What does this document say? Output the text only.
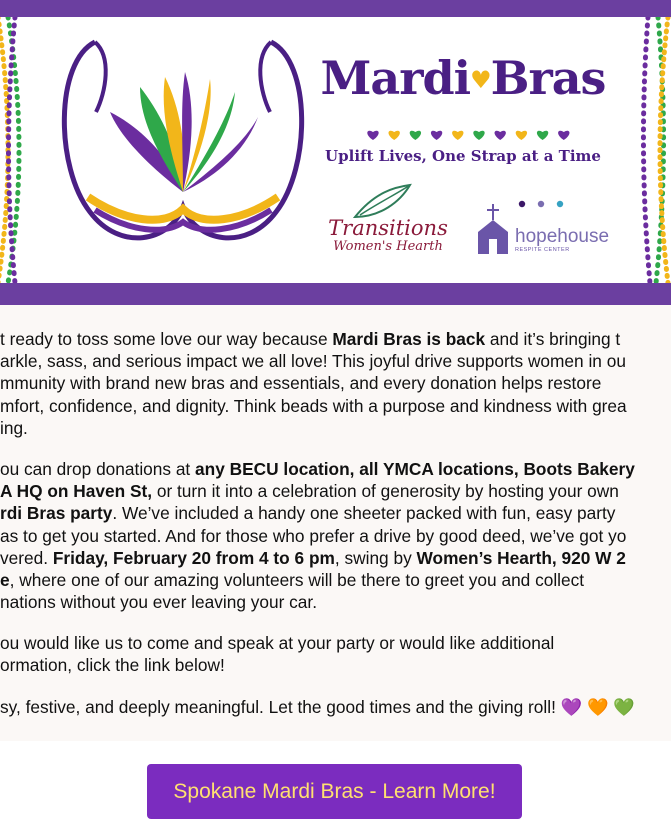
Mardi♥Bras
Uplift Lives, One Strap at a Time
Transitions
Women's Hearth	hopehouse
RESPITE CENTER
t ready to toss some love our way because Mardi Bras is back and it’s bringing t
arkle, sass, and serious impact we all love! This joyful drive supports women in ou
mmunity with brand new bras and essentials, and every donation helps restore
mfort, confidence, and dignity. Think beads with a purpose and kindness with grea
ing.
ou can drop donations at any BECU location, all YMCA locations, Boots Bakery
A HQ on Haven St, or turn it into a celebration of generosity by hosting your own
rdi Bras party. We’ve included a handy one sheeter packed with fun, easy party
as to get you started. And for those who prefer a drive by good deed, we’ve got yo
vered. Friday, February 20 from 4 to 6 pm, swing by Women’s Hearth, 920 W 2
e, where one of our amazing volunteers will be there to greet you and collect
nations without you ever leaving your car.
ou would like us to come and speak at your party or would like additional
ormation, click the link below!
sy, festive, and deeply meaningful. Let the good times and the giving roll! 💜 🧡 💚
Spokane Mardi Bras - Learn More!
